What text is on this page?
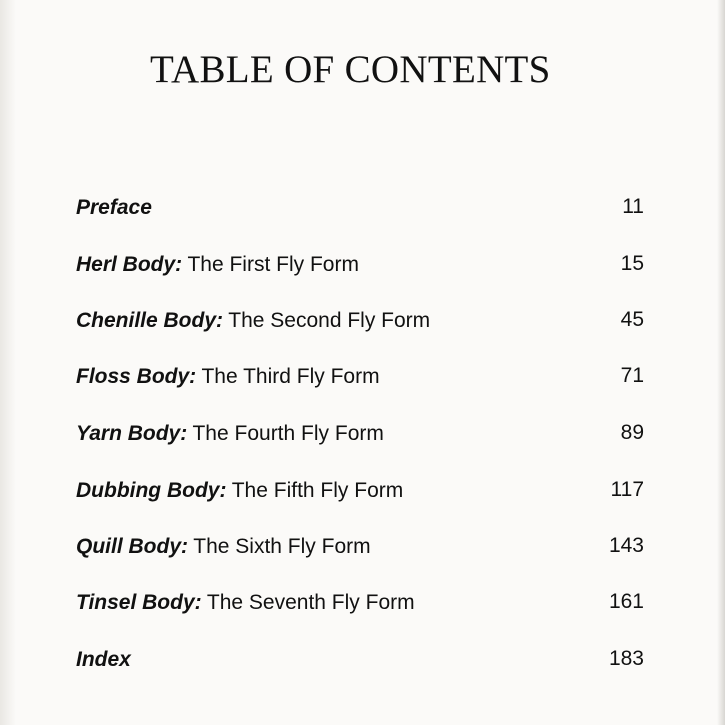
TABLE OF CONTENTS
Preface	11
Herl Body: The First Fly Form	15
Chenille Body: The Second Fly Form	45
Floss Body: The Third Fly Form	71
Yarn Body: The Fourth Fly Form	89
Dubbing Body: The Fifth Fly Form	117
Quill Body: The Sixth Fly Form	143
Tinsel Body: The Seventh Fly Form	161
Index	183
